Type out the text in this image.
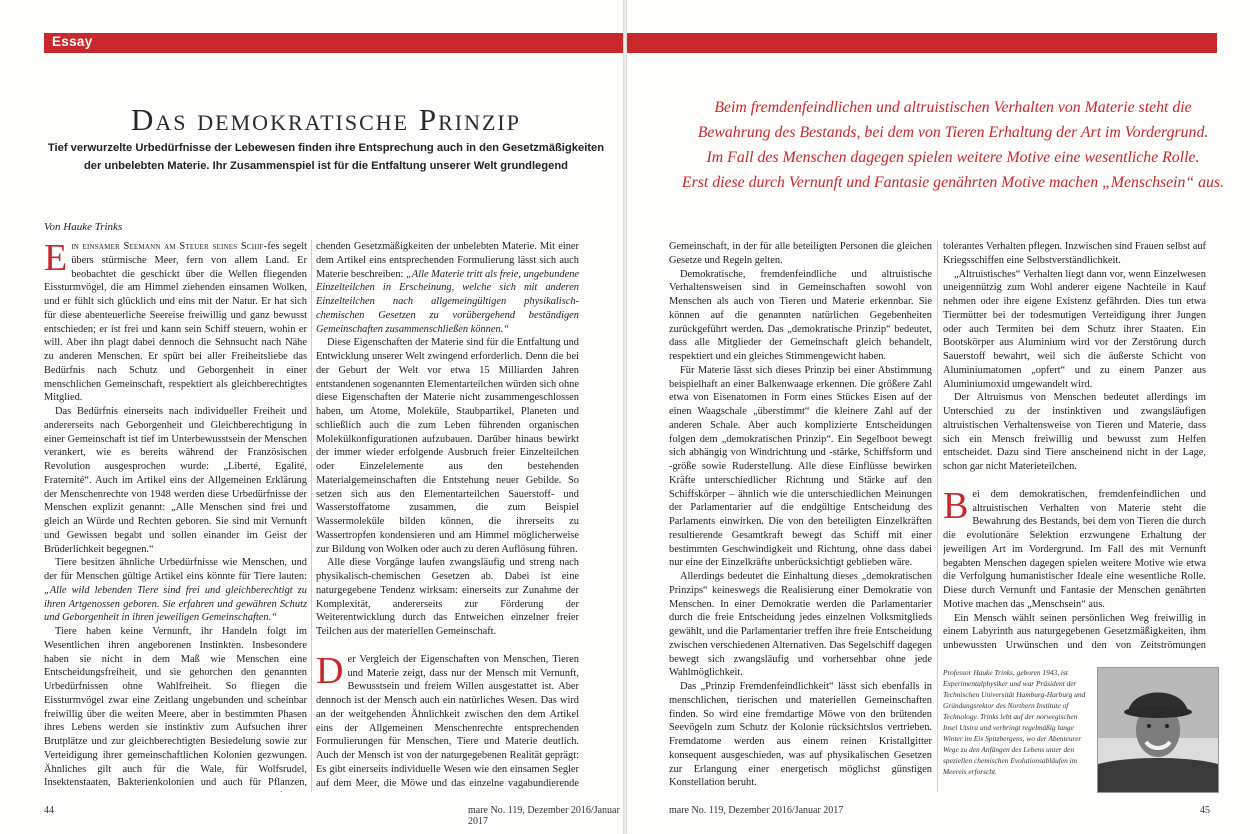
Essay
Das demokratische Prinzip

Tief verwurzelte Urbedürfnisse der Lebewesen finden ihre Entsprechung auch in den Gesetzmäßigkeiten
der unbelebten Materie. Ihr Zusammenspiel ist für die Entfaltung unserer Welt grundlegend

Von Hauke Trinks

Ein einsamer Seemann am Steuer seines Schif-fes segelt übers stürmische Meer, fern von allem Land. Er beobachtet die geschickt über die Wellen fliegenden Eissturmvögel, die am Himmel ziehenden einsamen Wolken, und er fühlt sich glücklich und eins mit der Natur. Er hat sich für diese abenteuerliche Seereise freiwillig und ganz bewusst entschieden; er ist frei und kann sein Schiff steuern, wohin er will. Aber ihn plagt dabei dennoch die Sehnsucht nach Nähe zu anderen Menschen. Er spürt bei aller Freiheitsliebe das Bedürfnis nach Schutz und Geborgenheit in einer menschlichen Gemeinschaft, respektiert als gleichberechtigtes Mitglied.

Das Bedürfnis einerseits nach individueller Freiheit und andererseits nach Geborgenheit und Gleichberechtigung in einer Gemeinschaft ist tief im Unterbewusstsein der Menschen verankert, wie es bereits während der Französischen Revolution ausgesprochen wurde: „Liberté, Egalité, Fraternité“. Auch im Artikel eins der Allgemeinen Erklärung der Menschenrechte von 1948 werden diese Urbedürfnisse der Menschen explizit genannt: „Alle Menschen sind frei und gleich an Würde und Rechten geboren. Sie sind mit Vernunft und Gewissen begabt und sollen einander im Geist der Brüderlichkeit begegnen.“

Tiere besitzen ähnliche Urbedürfnisse wie Menschen, und der für Menschen gültige Artikel eins könnte für Tiere lauten: „Alle wild lebenden Tiere sind frei und gleichberechtigt zu ihren Artgenossen geboren. Sie erfahren und gewähren Schutz und Geborgenheit in ihren jeweiligen Gemeinschaften.“

Tiere haben keine Vernunft, ihr Handeln folgt im Wesentlichen ihren angeborenen Instinkten. Insbesondere haben sie nicht in dem Maß wie Menschen eine Entscheidungsfreiheit, und sie gehorchen den genannten Urbedürfnissen ohne Wahlfreiheit. So fliegen die Eissturmvögel zwar eine Zeitlang ungebunden und scheinbar freiwillig über die weiten Meere, aber in bestimmten Phasen ihres Lebens werden sie instinktiv zum Aufsuchen ihrer Brutplätze und zur gleichberechtigten Besiedelung sowie zur Verteidigung ihrer gemeinschaftlichen Kolonien gezwungen. Ähnliches gilt auch für die Wale, für Wolfsrudel, Insektenstaaten, Bakterienkolonien und auch für Pflanzen,

chenden Gesetzmäßigkeiten der unbelebten Materie. Mit einer dem Artikel eins entsprechenden Formulierung lässt sich auch Materie beschreiben: „Alle Materie tritt als freie, ungebundene Einzelteilchen in Erscheinung, welche sich mit anderen Einzelteilchen nach allgemeingültigen physikalisch-chemischen Gesetzen zu vorübergehend beständigen Gemeinschaften zusammenschließen können.“

Diese Eigenschaften der Materie sind für die Entfaltung und Entwicklung unserer Welt zwingend erforderlich. Denn die bei der Geburt der Welt vor etwa 15 Milliarden Jahren entstandenen sogenannten Elementarteilchen würden sich ohne diese Eigenschaften der Materie nicht zusammengeschlossen haben, um Atome, Moleküle, Staubpartikel, Planeten und schließlich auch die zum Leben führenden organischen Molekülkonfigurationen aufzubauen. Darüber hinaus bewirkt der immer wieder erfolgende Ausbruch freier Einzelteilchen oder Einzelelemente aus den bestehenden Materialgemeinschaften die Entstehung neuer Gebilde. So setzen sich aus den Elementarteilchen Sauerstoff- und Wasserstoffatome zusammen, die zum Beispiel Wassermoleküle bilden können, die ihrerseits zu Wassertropfen kondensieren und am Himmel möglicherweise zur Bildung von Wolken oder auch zu deren Auflösung führen.

Alle diese Vorgänge laufen zwangsläufig und streng nach physikalisch-chemischen Gesetzen ab. Dabei ist eine naturgegebene Tendenz wirksam: einerseits zur Zunahme der Komplexität, andererseits zur Förderung der Weiterentwicklung durch das Entweichen einzelner freier Teilchen aus der materiellen Gemeinschaft.

Der Vergleich der Eigenschaften von Menschen, Tieren und Materie zeigt, dass nur der Mensch mit Vernunft, Bewusstsein und freiem Willen ausgestattet ist. Aber dennoch ist der Mensch auch ein natürliches Wesen. Das wird an der weitgehenden Ähnlichkeit zwischen den dem Artikel eins der Allgemeinen Menschenrechte entsprechenden Formulierungen für Menschen, Tiere und Materie deutlich. Auch der Mensch ist von der naturgegebenen Realität geprägt: Es gibt einerseits individuelle Wesen wie den einsamen Segler auf dem Meer, die Möwe und das einzelne vagabundierende

44	mare No. 119, Dezember 2016/Januar 2017

Beim fremdenfeindlichen und altruistischen Verhalten von Materie steht die
Bewahrung des Bestands, bei dem von Tieren Erhaltung der Art im Vordergrund.
Im Fall des Menschen dagegen spielen weitere Motive eine wesentliche Rolle.
Erst diese durch Vernunft und Fantasie genährten Motive machen „Menschsein“ aus.

Gemeinschaft, in der für alle beteiligten Personen die gleichen Gesetze und Regeln gelten.

Demokratische, fremdenfeindliche und altruistische Verhaltensweisen sind in Gemeinschaften sowohl von Menschen als auch von Tieren und Materie erkennbar. Sie können auf die genannten natürlichen Gegebenheiten zurückgeführt werden. Das „demokratische Prinzip“ bedeutet, dass alle Mitglieder der Gemeinschaft gleich behandelt, respektiert und ein gleiches Stimmengewicht haben.

Für Materie lässt sich dieses Prinzip bei einer Abstimmung beispielhaft an einer Balkenwaage erkennen. Die größere Zahl etwa von Eisenatomen in Form eines Stückes Eisen auf der einen Waagschale „überstimmt“ die kleinere Zahl auf der anderen Schale. Aber auch komplizierte Entscheidungen folgen dem „demokratischen Prinzip“. Ein Segelboot bewegt sich abhängig von Windrichtung und -stärke, Schiffsform und -größe sowie Ruderstellung. Alle diese Einflüsse bewirken Kräfte unterschiedlicher Richtung und Stärke auf den Schiffskörper – ähnlich wie die unterschiedlichen Meinungen der Parlamentarier auf die endgültige Entscheidung des Parlaments einwirken. Die von den beteiligten Einzelkräften resultierende Gesamtkraft bewegt das Schiff mit einer bestimmten Geschwindigkeit und Richtung, ohne dass dabei nur eine der Einzelkräfte unberücksichtigt geblieben wäre.

Allerdings bedeutet die Einhaltung dieses „demokratischen Prinzips“ keineswegs die Realisierung einer Demokratie von Menschen. In einer Demokratie werden die Parlamentarier durch die freie Entscheidung jedes einzelnen Volksmitglieds gewählt, und die Parlamentarier treffen ihre freie Entscheidung zwischen verschiedenen Alternativen. Das Segelschiff dagegen bewegt sich zwangsläufig und vorhersehbar ohne jede Wahlmöglichkeit.

Das „Prinzip Fremdenfeindlichkeit“ lässt sich ebenfalls in menschlichen, tierischen und materiellen Gemeinschaften finden. So wird eine fremdartige Möwe von den brütenden Seevögeln zum Schutz der Kolonie rücksichtslos vertrieben. Fremdatome werden aus einem reinen Kristallgitter konsequent ausgeschieden, was auf physikalischen Gesetzen zur Erlangung einer energetisch möglichst günstigen Konstellation beruht.

tolerantes Verhalten pflegen. Inzwischen sind Frauen selbst auf Kriegsschiffen eine Selbstverständlichkeit.

„Altruistisches“ Verhalten liegt dann vor, wenn Einzelwesen uneigennützig zum Wohl anderer eigene Nachteile in Kauf nehmen oder ihre eigene Existenz gefährden. Dies tun etwa Tiermütter bei der todesmutigen Verteidigung ihrer Jungen oder auch Termiten bei dem Schutz ihrer Staaten. Ein Bootskörper aus Aluminium wird vor der Zerstörung durch Sauerstoff bewahrt, weil sich die äußerste Schicht von Aluminiumatomen „opfert“ und zu einem Panzer aus Aluminiumoxid umgewandelt wird.

Der Altruismus von Menschen bedeutet allerdings im Unterschied zu der instinktiven und zwangsläufigen altruistischen Verhaltensweise von Tieren und Materie, dass sich ein Mensch freiwillig und bewusst zum Helfen entscheidet. Dazu sind Tiere anscheinend nicht in der Lage, schon gar nicht Materieteilchen.

Bei dem demokratischen, fremdenfeindlichen und altruistischen Verhalten von Materie steht die Bewahrung des Bestands, bei dem von Tieren die durch die evolutionäre Selektion erzwungene Erhaltung der jeweiligen Art im Vordergrund. Im Fall des mit Vernunft begabten Menschen dagegen spielen weitere Motive wie etwa die Verfolgung humanistischer Ideale eine wesentliche Rolle. Diese durch Vernunft und Fantasie der Menschen genährten Motive machen das „Menschsein“ aus.

Ein Mensch wählt seinen persönlichen Weg freiwillig in einem Labyrinth aus naturgegebenen Gesetzmäßigkeiten, ihm unbewussten Urwünschen und den von Zeitströmungen

Professor Hauke Trinks, geboren 1943, ist Experimentalphysiker und war Präsident der Technischen Universität Hamburg-Harburg und Gründungsrektor des Northern Institute of Technology. Trinks lebt auf der norwegischen Insel Utsira und verbringt regelmäßig lange Winter im Eis Spitzbergens, wo der Abenteurer Wege zu den Anfängen des Lebens unter den speziellen chemischen Evolutionsabläufen im Meereis erforscht.

mare No. 119, Dezember 2016/Januar 2017	45
